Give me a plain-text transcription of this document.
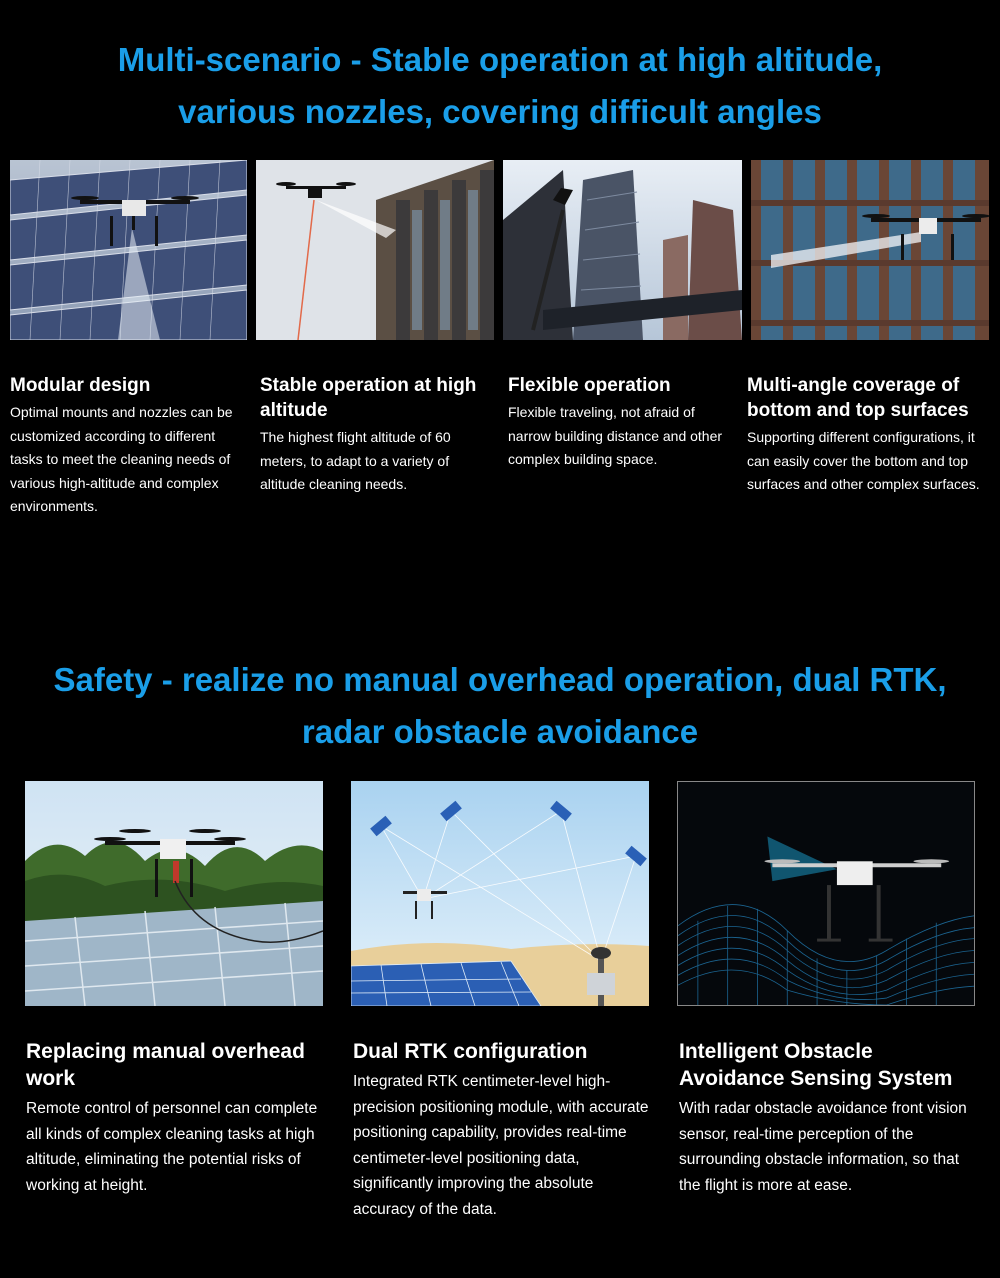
Multi-scenario - Stable operation at high altitude,
various nozzles, covering difficult angles
Modular design
Optimal mounts and nozzles can be customized according to different tasks to meet the cleaning needs of various high-altitude and complex environments.
Stable operation at high altitude
The highest flight altitude of 60 meters, to adapt to a variety of altitude cleaning needs.
Flexible operation
Flexible traveling, not afraid of narrow building distance and other complex building space.
Multi-angle coverage of bottom and top surfaces
Supporting different configurations, it can easily cover the bottom and top surfaces and other complex surfaces.
Safety - realize no manual overhead operation, dual RTK,
radar obstacle avoidance
Replacing manual overhead work
Remote control of personnel can complete all kinds of complex cleaning tasks at high altitude, eliminating the potential risks of working at height.
Dual RTK configuration
Integrated RTK centimeter-level high-precision positioning module, with accurate positioning capability, provides real-time centimeter-level positioning data, significantly improving the absolute accuracy of the data.
Intelligent Obstacle Avoidance Sensing System
With radar obstacle avoidance front vision sensor, real-time perception of the surrounding obstacle information, so that the flight is more at ease.
